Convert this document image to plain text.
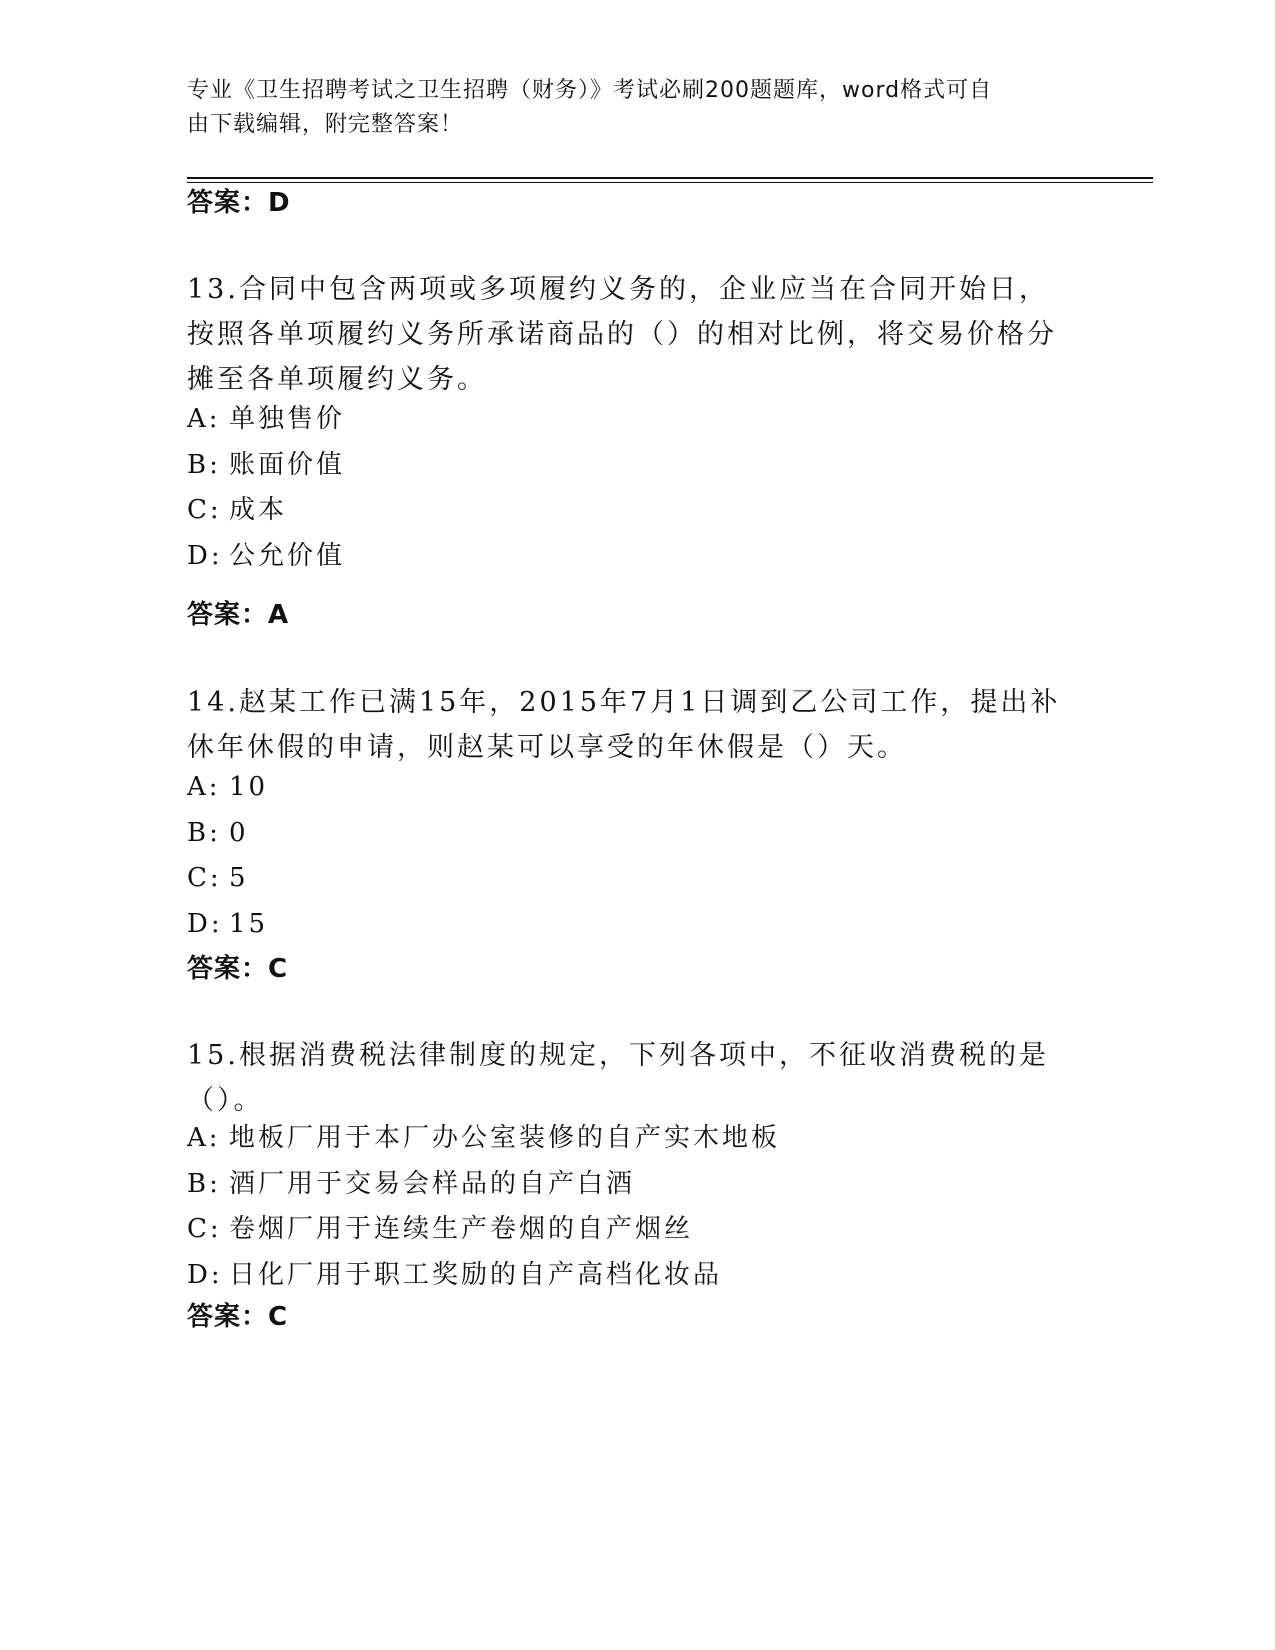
专业《卫生招聘考试之卫生招聘（财务）》考试必刷200题题库，word格式可自
由下载编辑，附完整答案！
答案：D
13.合同中包含两项或多项履约义务的，企业应当在合同开始日，按照各单项履约义务所承诺商品的（）的相对比例，将交易价格分摊至各单项履约义务。
A: 单独售价
B: 账面价值
C: 成本
D: 公允价值
答案：A
14.赵某工作已满15年，2015年7月1日调到乙公司工作，提出补休年休假的申请，则赵某可以享受的年休假是（）天。
A: 10
B: 0
C: 5
D: 15
答案：C
15.根据消费税法律制度的规定，下列各项中，不征收消费税的是（）。
A: 地板厂用于本厂办公室装修的自产实木地板
B: 酒厂用于交易会样品的自产白酒
C: 卷烟厂用于连续生产卷烟的自产烟丝
D: 日化厂用于职工奖励的自产高档化妆品
答案：C
